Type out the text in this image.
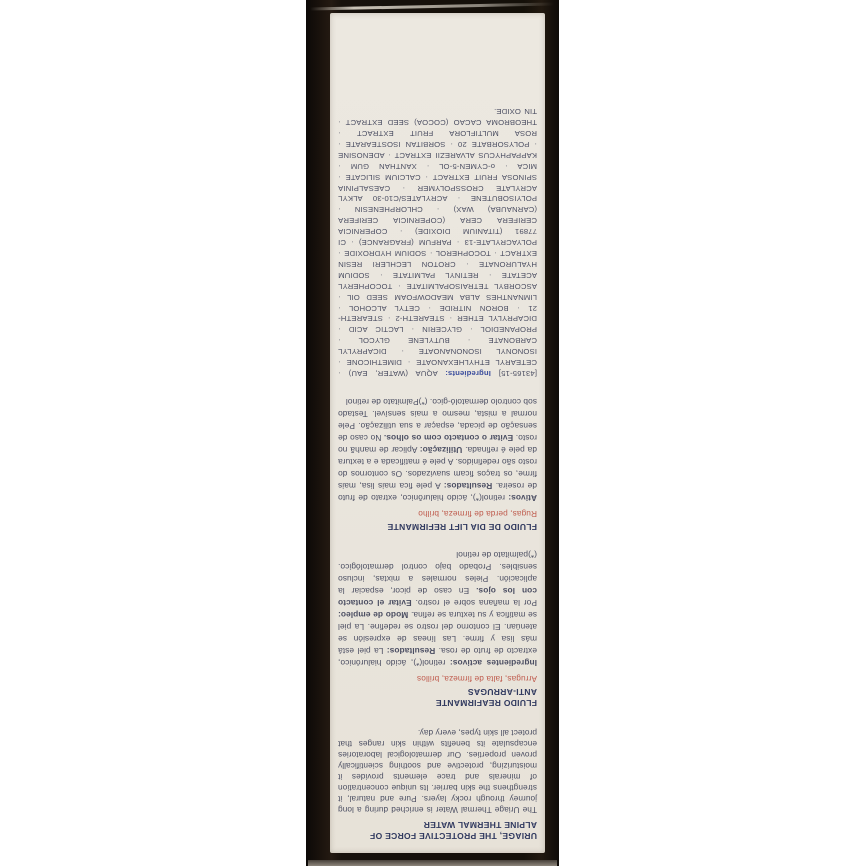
URIAGE, THE PROTECTIVE FORCE OF
ALPINE THERMAL WATER
The Uriage Thermal Water is enriched during a long journey through rocky layers. Pure and natural, it strengthens the skin barrier. Its unique concentration of minerals and trace elements provides it moisturizing, protective and soothing scientifically proven properties. Our dermatological laboratories encapsulate its benefits within skin ranges that protect all skin types, every day.
FLUIDO REAFIRMANTE
ANTI-ARRUGAS
Arrugas, falta de firmeza, brillos
Ingredientes activos: retinol(*), ácido hialurónico, extracto de fruto de rosa. Resultados: La piel está más lisa y firme. Las líneas de expresión se atenúan. El contorno del rostro se redefine. La piel se matifica y su textura se refina. Modo de empleo: Por la mañana sobre el rostro. Evitar el contacto con los ojos. En caso de picor, espaciar la aplicación. Pieles normales a mixtas, incluso sensibles. Probado bajo control dermatológico. (*)palmitato de retinol
FLUIDO DE DIA LIFT REFIRMANTE
Rugas, perda de firmeza, brilho
Ativos: retinol(*), ácido hialurônico, extrato de fruto de roseira. Resultados: A pele fica mais lisa, mais firme, os traços ficam suavizados. Os contornos do rosto são redefinidos. A pele é matificada e a textura da pele é refinada. Utilização: Aplicar de manhã no rosto. Evitar o contacto com os olhos. No caso de sensação de picada, espaçar a sua utilização. Pele normal a mista, mesmo a mais sensível. Testado sob controlo dermatoló-gico. (*)Palmitato de retinol
[43165-15] Ingredients: AQUA (WATER, EAU) · CETEARYL ETHYLHEXANOATE · DIMETHICONE · ISONONYL ISONONANOATE · DICAPRYLYL CARBONATE · BUTYLENE GLYCOL · PROPANEDIOL · GLYCERIN · LACTIC ACID · DICAPRYLYL ETHER · STEARETH-2 · STEARETH-21 · BORON NITRIDE · CETYL ALCOHOL · LIMNANTHES ALBA MEADOWFOAM SEED OIL · ASCORBYL TETRAISOPALMITATE · TOCOPHERYL ACETATE · RETINYL PALMITATE · SODIUM HYALURONATE · CROTON LECHLERI RESIN EXTRACT · TOCOPHEROL · SODIUM HYDROXIDE · POLYACRYLATE-13 · PARFUM (FRAGRANCE) · CI 77891 (TITANIUM DIOXIDE) · COPERNICIA CERIFERA CERA (COPERNICIA CERIFERA (CARNAUBA) WAX) · CHLORPHENESIN · POLYISOBUTENE · ACRYLATES/C10-30 ALKYL ACRYLATE CROSSPOLYMER · CAESALPINIA SPINOSA FRUIT EXTRACT · CALCIUM SILICATE · MICA · o-CYMEN-5-OL · XANTHAN GUM · KAPPAPHYCUS ALVAREZII EXTRACT · ADENOSINE · POLYSORBATE 20 · SORBITAN ISOSTEARATE · ROSA MULTIFLORA FRUIT EXTRACT · THEOBROMA CACAO (COCOA) SEED EXTRACT · TIN OXIDE.
